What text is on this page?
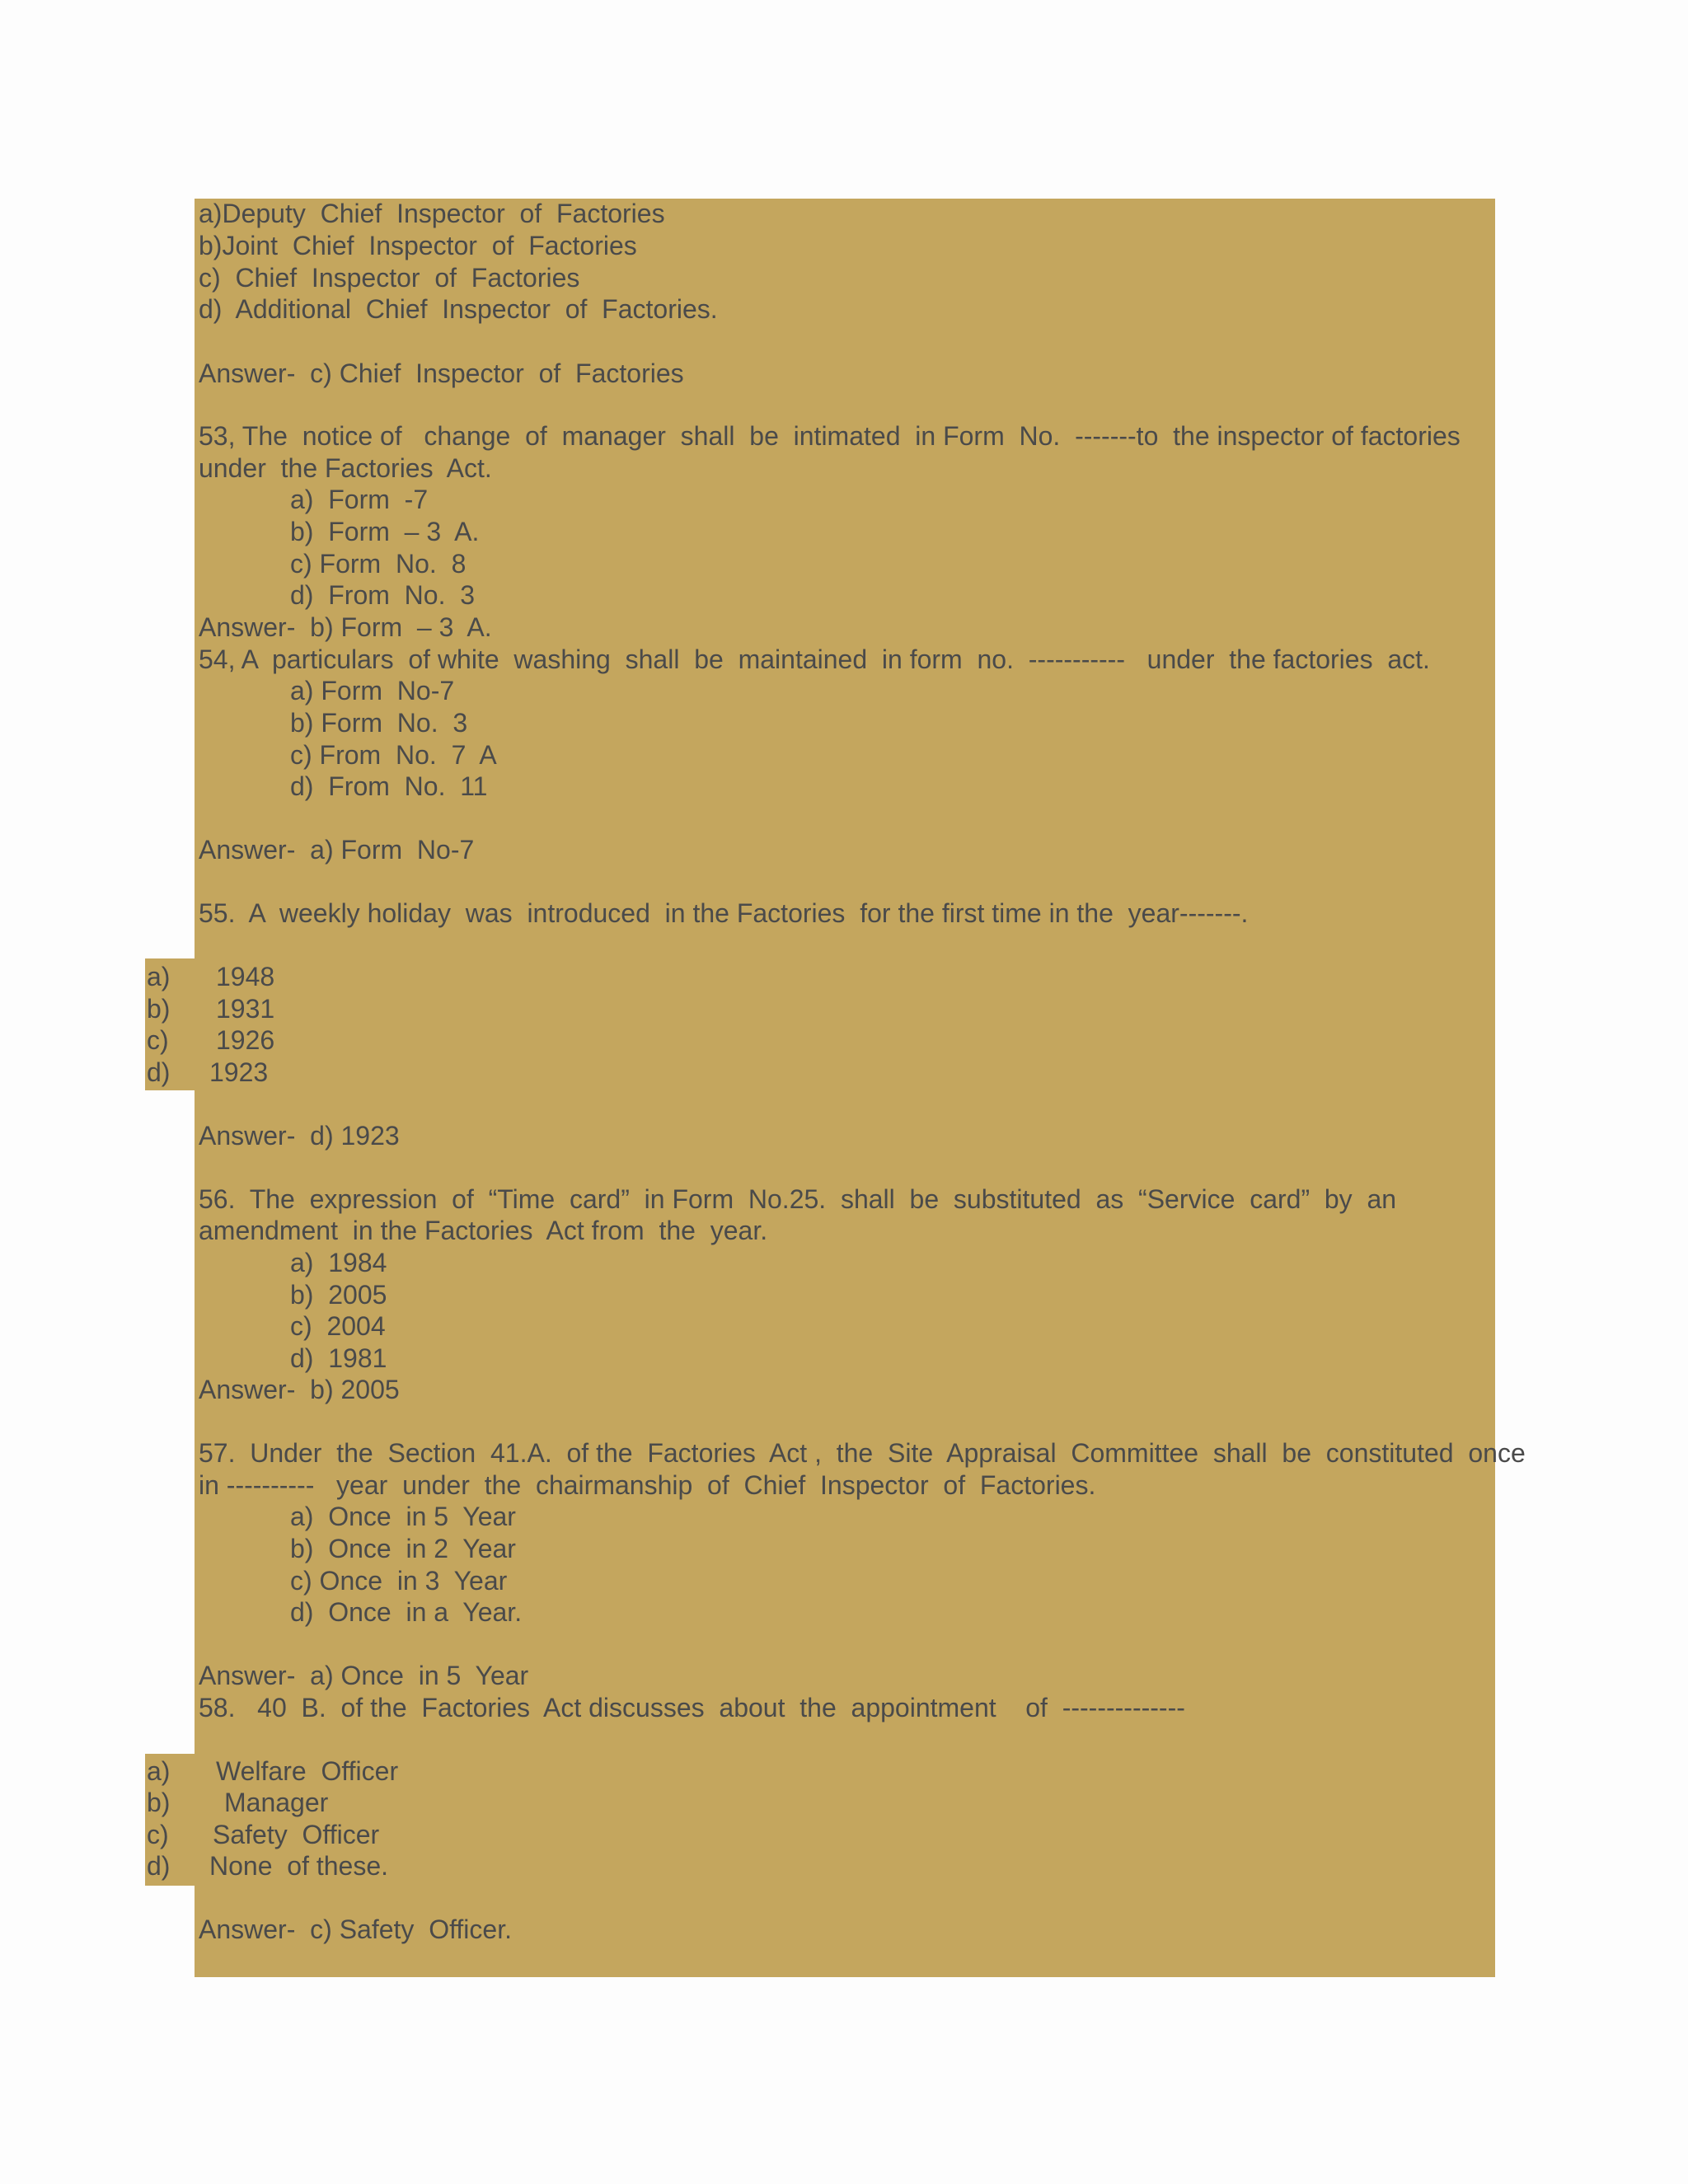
a)Deputy  Chief  Inspector  of  Factories
b)Joint  Chief  Inspector  of  Factories
c)  Chief  Inspector  of  Factories
d)  Additional  Chief  Inspector  of  Factories.
Answer-  c) Chief  Inspector  of  Factories
53, The  notice of   change  of  manager  shall  be  intimated  in Form  No.  -------to  the inspector of factories
under  the Factories  Act.
a)  Form  -7
b)  Form  – 3  A.
c) Form  No.  8
d)  From  No.  3
Answer-  b) Form  – 3  A.
54, A  particulars  of white  washing  shall  be  maintained  in form  no.  -----------   under  the factories  act.
a) Form  No-7
b) Form  No.  3
c) From  No.  7  A
d)  From  No.  11
Answer-  a) Form  No-7
55.  A  weekly holiday  was  introduced  in the Factories  for the first time in the  year-------.
a) 1948
b) 1931
c) 1926
d) 1923
Answer-  d) 1923
56.  The  expression  of  “Time  card”  in Form  No.25.  shall  be  substituted  as  “Service  card”  by  an
amendment  in the Factories  Act from  the  year.
a)  1984
b)  2005
c)  2004
d)  1981
Answer-  b) 2005
57.  Under  the  Section  41.A.  of the  Factories  Act ,  the  Site  Appraisal  Committee  shall  be  constituted  once
in ----------   year  under  the  chairmanship  of  Chief  Inspector  of  Factories.
a)  Once  in 5  Year
b)  Once  in 2  Year
c) Once  in 3  Year
d)  Once  in a  Year.
Answer-  a) Once  in 5  Year
58.   40  B.  of the  Factories  Act discusses  about  the  appointment    of  --------------
a) Welfare  Officer
b) Manager
c) Safety  Officer
d) None  of these.
Answer-  c) Safety  Officer.
